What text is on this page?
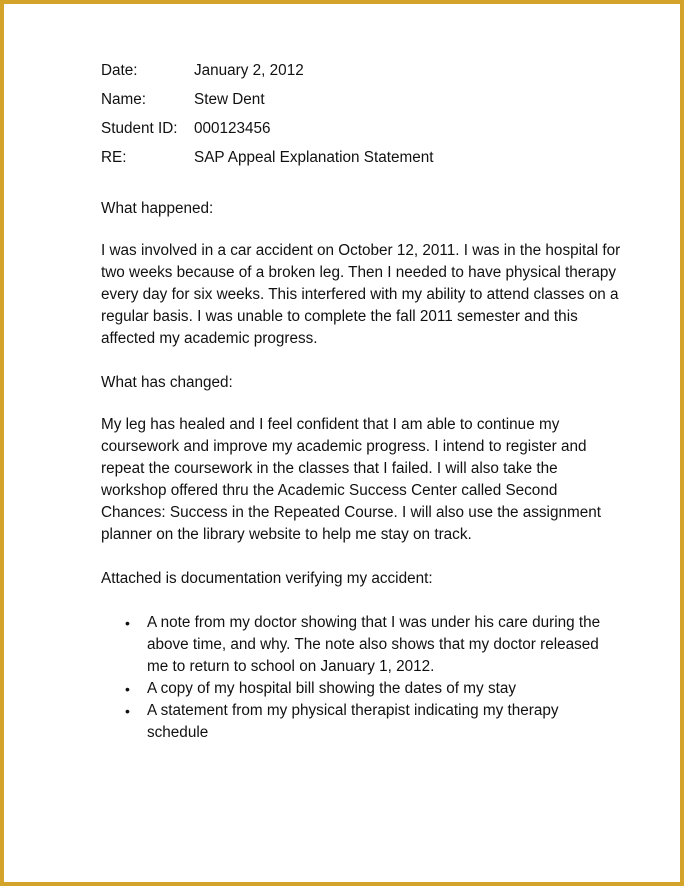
Date:	January 2, 2012
Name:	Stew Dent
Student ID:	000123456
RE:	SAP Appeal Explanation Statement

What happened:

I was involved in a car accident on October 12, 2011. I was in the hospital for two weeks because of a broken leg. Then I needed to have physical therapy every day for six weeks. This interfered with my ability to attend classes on a regular basis. I was unable to complete the fall 2011 semester and this affected my academic progress.

What has changed:

My leg has healed and I feel confident that I am able to continue my coursework and improve my academic progress. I intend to register and repeat the coursework in the classes that I failed. I will also take the workshop offered thru the Academic Success Center called Second Chances: Success in the Repeated Course. I will also use the assignment planner on the library website to help me stay on track.

Attached is documentation verifying my accident:

• A note from my doctor showing that I was under his care during the above time, and why. The note also shows that my doctor released me to return to school on January 1, 2012.
• A copy of my hospital bill showing the dates of my stay
• A statement from my physical therapist indicating my therapy schedule
